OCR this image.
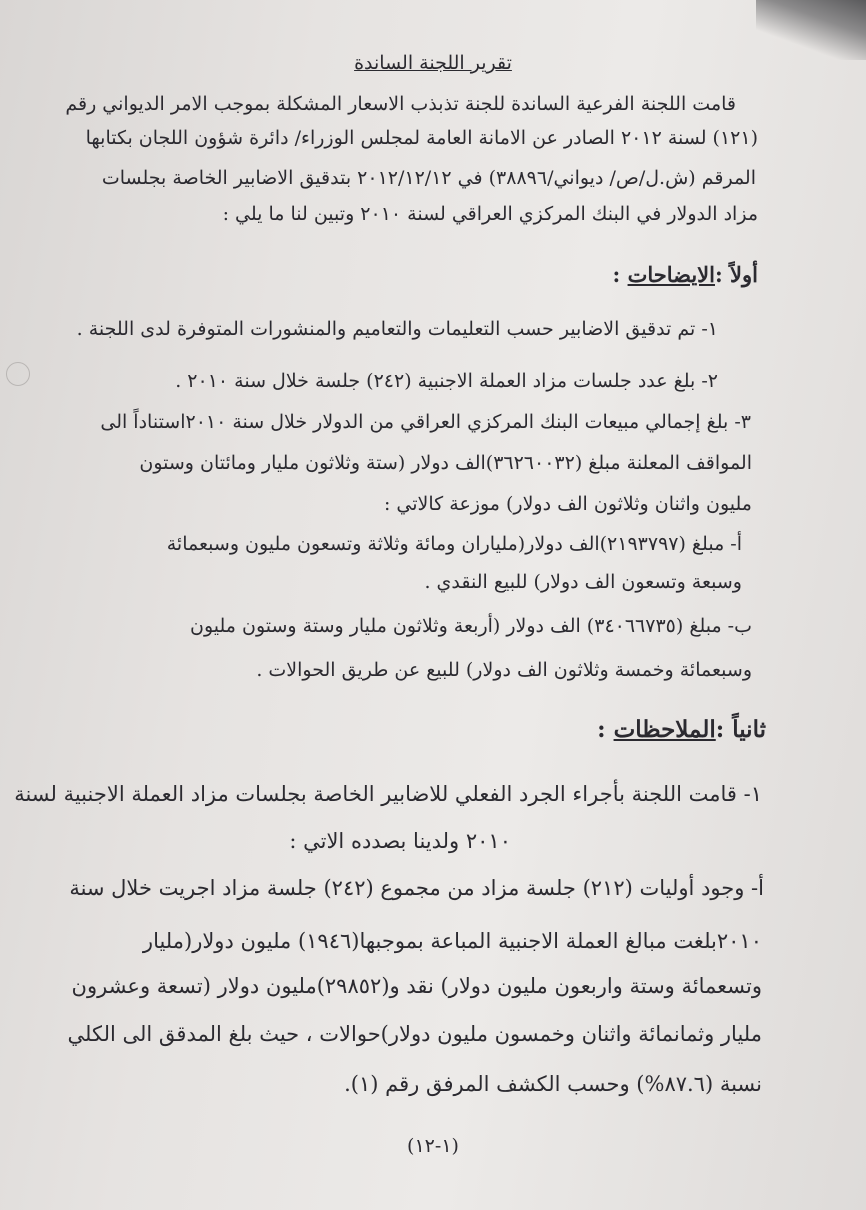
تقرير اللجنة الساندة
قامت اللجنة الفرعية الساندة للجنة تذبذب الاسعار المشكلة بموجب الامر الديواني رقم
(١٢١) لسنة ٢٠١٢ الصادر عن الامانة العامة لمجلس الوزراء/ دائرة شؤون اللجان بكتابها
المرقم (ش.ل/ص/ ديواني/٣٨٨٩٦) في ٢٠١٢/١٢/١٢ بتدقيق الاضابير الخاصة بجلسات
مزاد الدولار في البنك المركزي العراقي لسنة ٢٠١٠ وتبين لنا ما يلي :
أولاً :الايضاحات :
١- تم تدقيق الاضابير حسب التعليمات والتعاميم والمنشورات المتوفرة لدى اللجنة .
٢- بلغ عدد جلسات مزاد العملة الاجنبية (٢٤٢) جلسة خلال سنة ٢٠١٠ .
٣- بلغ إجمالي مبيعات البنك المركزي العراقي من الدولار خلال سنة ٢٠١٠استناداً الى
المواقف المعلنة مبلغ (٣٦٢٦٠٠٣٢)الف دولار (ستة وثلاثون مليار ومائتان وستون
مليون واثنان وثلاثون الف دولار) موزعة كالاتي :
أ- مبلغ (٢١٩٣٧٩٧)الف دولار(ملياران ومائة وثلاثة وتسعون مليون وسبعمائة
وسبعة وتسعون الف دولار) للبيع النقدي .
ب- مبلغ (٣٤٠٦٦٧٣٥) الف دولار (أربعة وثلاثون مليار وستة وستون مليون
وسبعمائة وخمسة وثلاثون الف دولار) للبيع عن طريق الحوالات .
ثانياً :الملاحظات :
١- قامت اللجنة بأجراء الجرد الفعلي للاضابير الخاصة بجلسات مزاد العملة الاجنبية لسنة
٢٠١٠ ولدينا بصدده الاتي :
أ- وجود أوليات (٢١٢) جلسة مزاد من مجموع (٢٤٢) جلسة مزاد اجريت خلال سنة
٢٠١٠بلغت مبالغ العملة الاجنبية المباعة بموجبها(١٩٤٦) مليون دولار(مليار
وتسعمائة وستة واربعون مليون دولار) نقد و(٢٩٨٥٢)مليون دولار (تسعة وعشرون
مليار وثمانمائة واثنان وخمسون مليون دولار)حوالات ، حيث بلغ المدقق الى الكلي
نسبة (٨٧.٦%) وحسب الكشف المرفق رقم (١).
(١-١٢)
